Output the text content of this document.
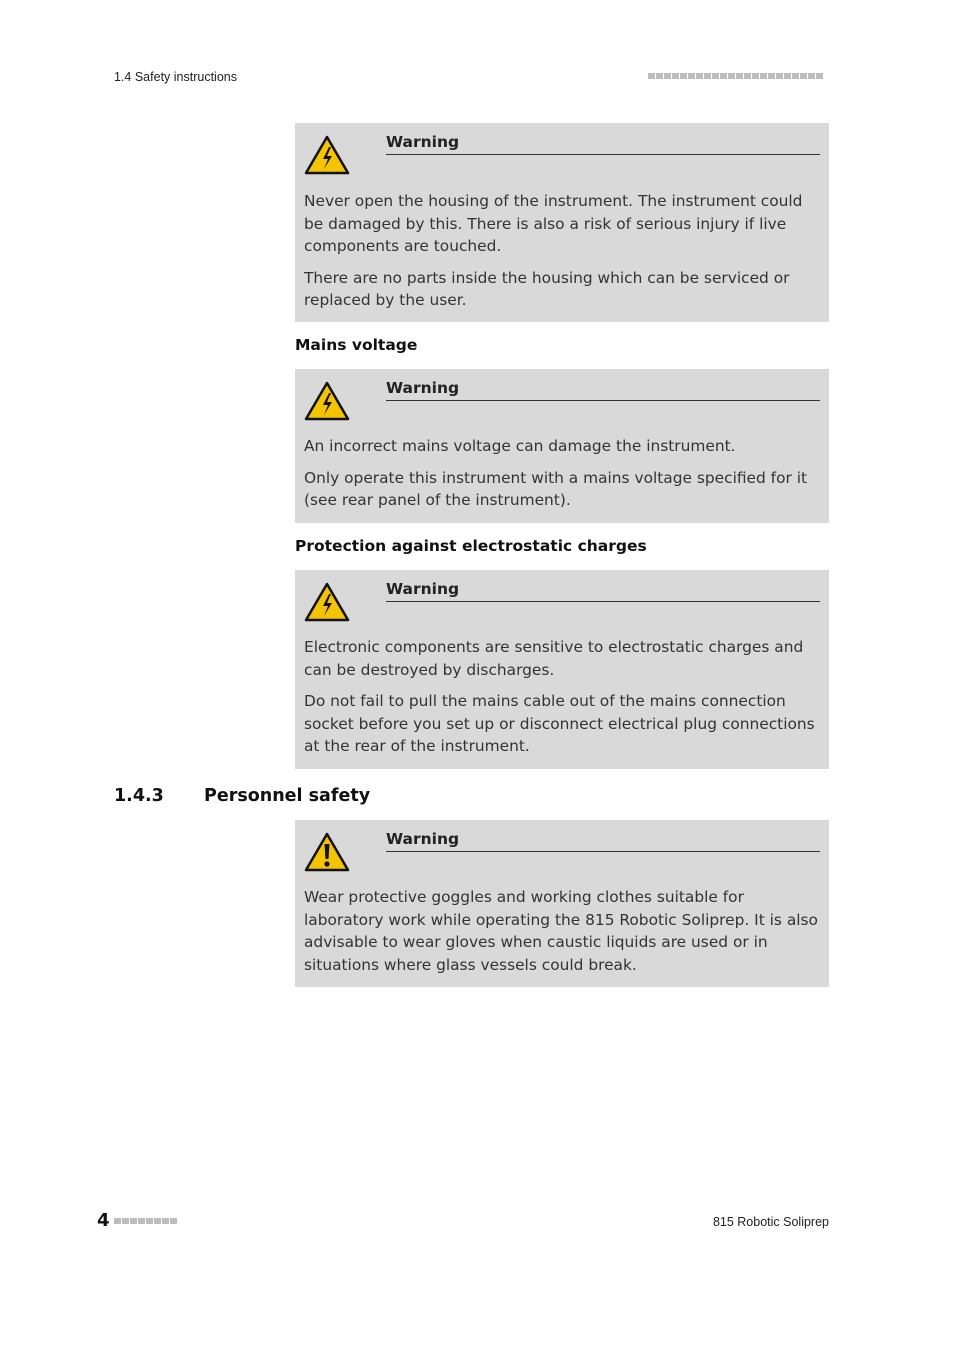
1.4 Safety instructions
Warning

Never open the housing of the instrument. The instrument could be damaged by this. There is also a risk of serious injury if live components are touched.

There are no parts inside the housing which can be serviced or replaced by the user.

Mains voltage
Warning

An incorrect mains voltage can damage the instrument.

Only operate this instrument with a mains voltage specified for it (see rear panel of the instrument).

Protection against electrostatic charges
Warning

Electronic components are sensitive to electrostatic charges and can be destroyed by discharges.

Do not fail to pull the mains cable out of the mains connection socket before you set up or disconnect electrical plug connections at the rear of the instrument.

1.4.3 Personnel safety
Warning

Wear protective goggles and working clothes suitable for laboratory work while operating the 815 Robotic Soliprep. It is also advisable to wear gloves when caustic liquids are used or in situations where glass vessels could break.

4	815 Robotic Soliprep
